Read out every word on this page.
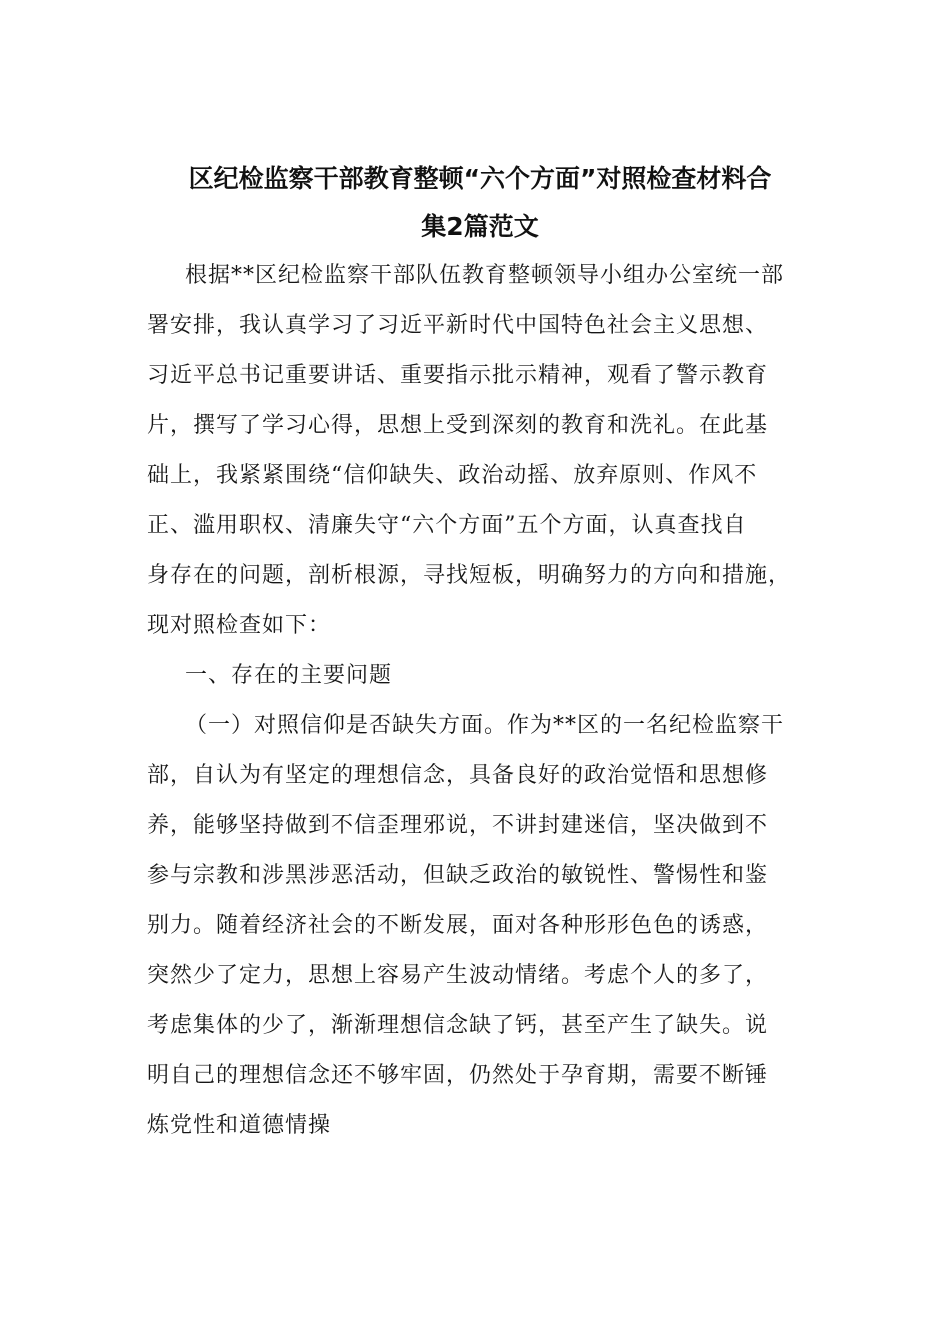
区纪检监察干部教育整顿“六个方面”对照检查材料合
集2篇范文
根据**区纪检监察干部队伍教育整顿领导小组办公室统一部
署安排，我认真学习了习近平新时代中国特色社会主义思想、
习近平总书记重要讲话、重要指示批示精神，观看了警示教育
片，撰写了学习心得，思想上受到深刻的教育和洗礼。在此基
础上，我紧紧围绕“信仰缺失、政治动摇、放弃原则、作风不
正、滥用职权、清廉失守“六个方面”五个方面，认真查找自
身存在的问题，剖析根源，寻找短板，明确努力的方向和措施，
现对照检查如下：
一、存在的主要问题
（一）对照信仰是否缺失方面。作为**区的一名纪检监察干
部，自认为有坚定的理想信念，具备良好的政治觉悟和思想修
养，能够坚持做到不信歪理邪说，不讲封建迷信，坚决做到不
参与宗教和涉黑涉恶活动，但缺乏政治的敏锐性、警惕性和鉴
别力。随着经济社会的不断发展，面对各种形形色色的诱惑，
突然少了定力，思想上容易产生波动情绪。考虑个人的多了，
考虑集体的少了，渐渐理想信念缺了钙，甚至产生了缺失。说
明自己的理想信念还不够牢固，仍然处于孕育期，需要不断锤
炼党性和道德情操
